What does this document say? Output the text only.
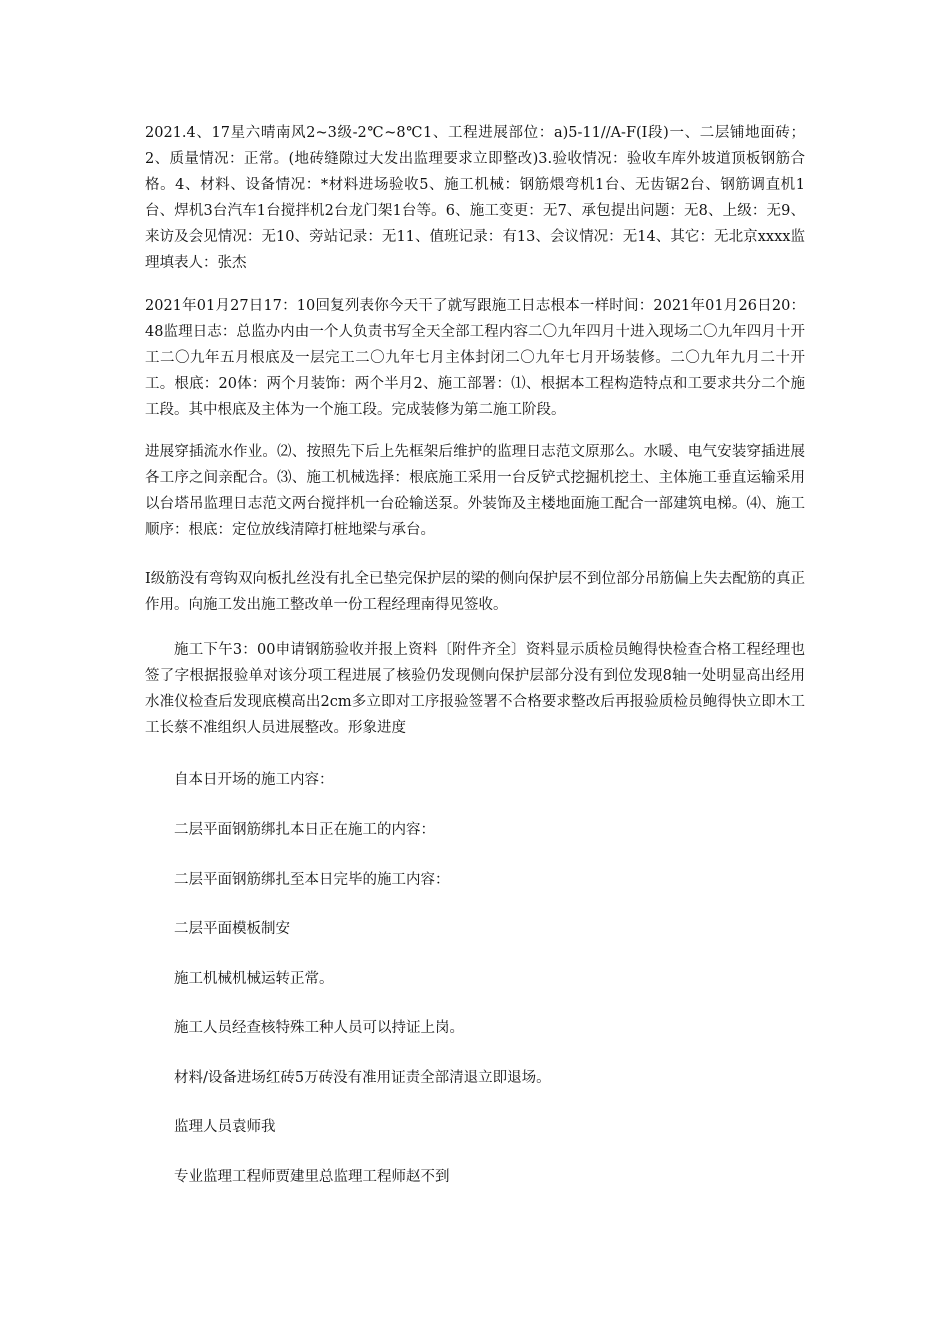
2021.4、17星六晴南风2~3级-2℃~8℃1、工程进展部位：a)5-11//A-F(I段)一、二层铺地面砖；2、质量情况：正常。(地砖缝隙过大发出监理要求立即整改)3.验收情况：验收车库外坡道顶板钢筋合格。4、材料、设备情况：*材料进场验收5、施工机械：钢筋煨弯机1台、无齿锯2台、钢筋调直机1台、焊机3台汽车1台搅拌机2台龙门架1台等。6、施工变更：无7、承包提出问题：无8、上级：无9、来访及会见情况：无10、旁站记录：无11、值班记录：有13、会议情况：无14、其它：无北京xxxx监理填表人：张杰

2021年01月27日17：10回复列表你今天干了就写跟施工日志根本一样时间：2021年01月26日20：48监理日志：总监办内由一个人负责书写全天全部工程内容二〇九年四月十进入现场二〇九年四月十开工二〇九年五月根底及一层完工二〇九年七月主体封闭二〇九年七月开场装修。二〇九年九月二十开工。根底：20体：两个月装饰：两个半月2、施工部署：⑴、根据本工程构造特点和工要求共分二个施工段。其中根底及主体为一个施工段。完成装修为第二施工阶段。

进展穿插流水作业。⑵、按照先下后上先框架后维护的监理日志范文原那么。水暖、电气安装穿插进展各工序之间亲配合。⑶、施工机械选择：根底施工采用一台反铲式挖掘机挖土、主体施工垂直运输采用以台塔吊监理日志范文两台搅拌机一台砼输送泵。外装饰及主楼地面施工配合一部建筑电梯。⑷、施工顺序：根底：定位放线清障打桩地梁与承台。

Ⅰ级筋没有弯钩双向板扎丝没有扎全已垫完保护层的梁的侧向保护层不到位部分吊筋偏上失去配筋的真正作用。向施工发出施工整改单一份工程经理南得见签收。

施工下午3：00申请钢筋验收并报上资料〔附件齐全〕资料显示质检员鲍得快检查合格工程经理也签了字根据报验单对该分项工程进展了核验仍发现侧向保护层部分没有到位发现8轴一处明显高出经用水准仪检查后发现底模高出2cm多立即对工序报验签署不合格要求整改后再报验质检员鲍得快立即木工工长蔡不准组织人员进展整改。形象进度

自本日开场的施工内容：

二层平面钢筋绑扎本日正在施工的内容：

二层平面钢筋绑扎至本日完毕的施工内容：

二层平面模板制安

施工机械机械运转正常。

施工人员经查核特殊工种人员可以持证上岗。

材料/设备进场红砖5万砖没有准用证责全部清退立即退场。

监理人员袁师我

专业监理工程师贾建里总监理工程师赵不到
